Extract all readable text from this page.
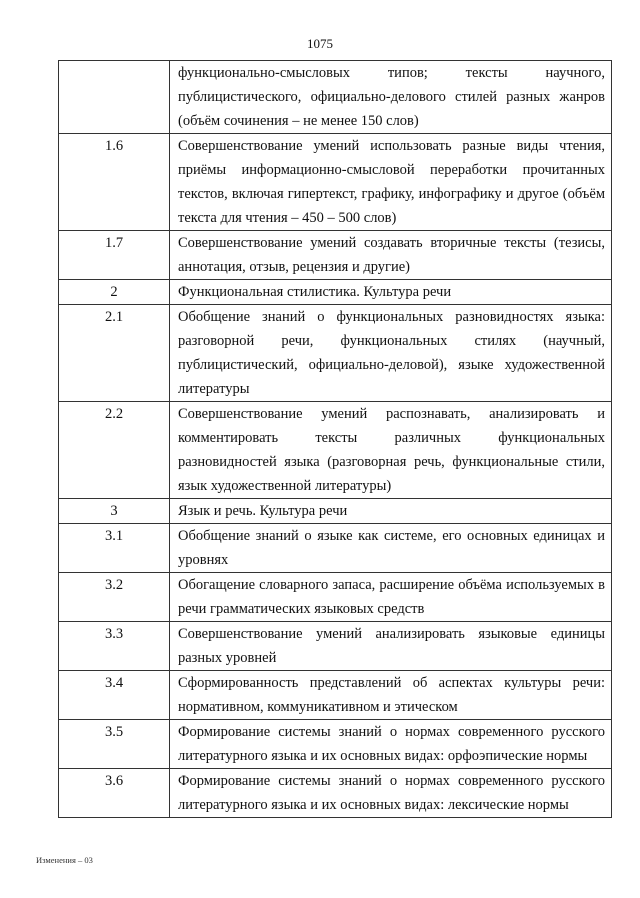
1075
	функционально-смысловых типов; тексты научного, публицистического, официально-делового стилей разных жанров (объём сочинения – не менее 150 слов)
1.6	Совершенствование умений использовать разные виды чтения, приёмы информационно-смысловой переработки прочитанных текстов, включая гипертекст, графику, инфографику и другое (объём текста для чтения – 450 – 500 слов)
1.7	Совершенствование умений создавать вторичные тексты (тезисы, аннотация, отзыв, рецензия и другие)
2	Функциональная стилистика. Культура речи
2.1	Обобщение знаний о функциональных разновидностях языка: разговорной речи, функциональных стилях (научный, публицистический, официально-деловой), языке художественной литературы
2.2	Совершенствование умений распознавать, анализировать и комментировать тексты различных функциональных разновидностей языка (разговорная речь, функциональные стили, язык художественной литературы)
3	Язык и речь. Культура речи
3.1	Обобщение знаний о языке как системе, его основных единицах и уровнях
3.2	Обогащение словарного запаса, расширение объёма используемых в речи грамматических языковых средств
3.3	Совершенствование умений анализировать языковые единицы разных уровней
3.4	Сформированность представлений об аспектах культуры речи: нормативном, коммуникативном и этическом
3.5	Формирование системы знаний о нормах современного русского литературного языка и их основных видах: орфоэпические нормы
3.6	Формирование системы знаний о нормах современного русского литературного языка и их основных видах: лексические нормы
Изменения – 03
